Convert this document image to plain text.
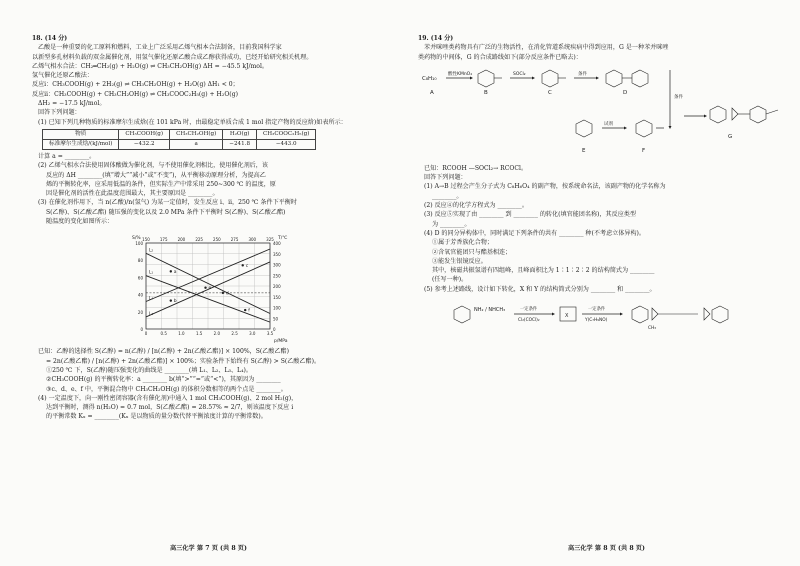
18. (14 分)

乙酸是一种重要的化工原料和燃料，工业上广泛采用乙烯气相本合法制备，目前我国科学家

以新型多孔材料负载的双金属催化剂，用氢气催化还原乙酸合成乙醇获得成功，已经开始研究相关机理。

乙烯气相水合法：CH₂═CH₂(g) + H₂O(g) ⇌ CH₃CH₂OH(g) ΔH = −45.5 kJ/mol。

氢气催化还原乙酸法：

反应ⅰ：CH₃COOH(g) + 2H₂(g) ⇌ CH₃CH₂OH(g) + H₂O(g) ΔH₁ < 0；

反应ⅱ：CH₃COOH(g) + CH₃CH₂OH(g) ⇌ CH₃COOC₂H₅(g) + H₂O(g)

ΔH₂ = −17.5 kJ/mol。

回答下列问题：

(1) 已知下列几种物质的标准摩尔生成焓(在 101 kPa 时，由最稳定单质合成 1 mol 指定产物的反应焓)如表所示：

物质	CH₃COOH(g)	CH₃CH₂OH(g)	H₂O(g)	CH₃COOC₂H₅(g)
标准摩尔生成焓/(kJ/mol)	−432.2	a	−241.8	−443.0

计算 a = ________。

(2) 乙烯气相水合法使用固体酸做为催化剂，与不使用催化剂相比，使用催化剂后，该

反应的 ΔH ________(填“增大”“减小”或“不变”)，从平衡移动原理分析，为提高乙

烯的平衡转化率，应采用低温的条件，但实际生产中常采用 250~300 ℃ 的温度，原

因是催化剂的活性在此温度范围最大，其主要原因是 ________。

(3) 在催化剂作用下，当 n(乙酸)/n(氢气) 为某一定值时，发生反应 ⅰ、ⅱ，250 ℃ 条件下平衡时

S(乙醇)、S(乙酸乙酯) 随压强的变化以及 2.0 MPa 条件下平衡时 S(乙醇)、S(乙酸乙酯)

随温度的变化如图所示：

150	175	200	225	250	275	300	325
0	0.5	1.0	1.5	2.0	2.5	3.0	3.5
100
80
60
40
20
0
400
350
300
250
200
150
100
50
0
T/℃
p/MPa
S/%
L₁
L₂
L₃
L₄
a
b
c
d
e
f

已知：乙醇的选择性 S(乙醇) = n(乙醇) / [n(乙醇) + 2n(乙酸乙酯)] × 100%，S(乙酸乙酯)

= 2n(乙酸乙酯) / [n(乙醇) + 2n(乙酸乙酯)] × 100%；实验条件下始终有 S(乙醇) > S(乙酸乙酯)。

①250 ℃ 下，S(乙醇)随压强变化的曲线是 ________(填 L₁、L₂、L₃、L₄)。

②CH₃COOH(g) 的平衡转化率：a ________ b(填“>”“=”或“<”)，其原因为 ________

③c、d、e、f 中，平衡混合物中 CH₃CH₂OH(g) 的体积分数相等的两个点是 ________。

(4) 一定温度下，向一刚性密闭容器(含有催化剂)中通入 1 mol CH₃COOH(g)、2 mol H₂(g)，

达到平衡时，测得 n(H₂O) = 0.7 mol，S(乙酸乙酯) = 28.57% ≈ 2/7，则该温度下反应 ⅰ

的平衡常数 Kₓ = ________(Kₓ 是以物质的量分数代替平衡浓度计算的平衡常数)。

高三化学 第 7 页 (共 8 页)

19. (14 分)

苯并咪唑类药物具有广泛的生物活性，在消化管道系统疾病中得到应用，G 是一种苯并咪唑

类药物的中间体，G 的合成路线如下(部分反应条件已略去)：

C₈H₁₀
酸性KMnO₄
A	B
SOCl₂
C
条件
D
条件
G
E
试剂
F

已知：RCOOH —SOCl₂→ RCOCl。

回答下列问题：

(1) A→B 过程会产生分子式为 C₈H₆O₄ 的副产物，按系统命名法，该副产物的化学名称为

________。

(2) 反应④的化学方程式为 ________。

(3) 反应⑤实现了由 ________ 到 ________ 的转化(填官能团名称)，其反应类型

为 ________。

(4) D 的同分异构体中，同时满足下列条件的共有 ________ 种(不考虑立体异构)。

①属于芳香族化合物；

②含氧官能团只与酯基相连；

③能发生银镜反应。

其中，核磁共振氢谱有四组峰，且峰面积比为 1∶1∶2∶2 的结构简式为 ________

(任写一种)。

(5) 参考上述路线，设计如下转化，X 和 Y 的结构简式分别为 ________ 和 ________。

NH₂ / NHCH₃	一定条件
Cl₂(COCl)₂
X
一定条件
Y(C₇H₉NO)
CH₃
高三化学 第 8 页 (共 8 页)
